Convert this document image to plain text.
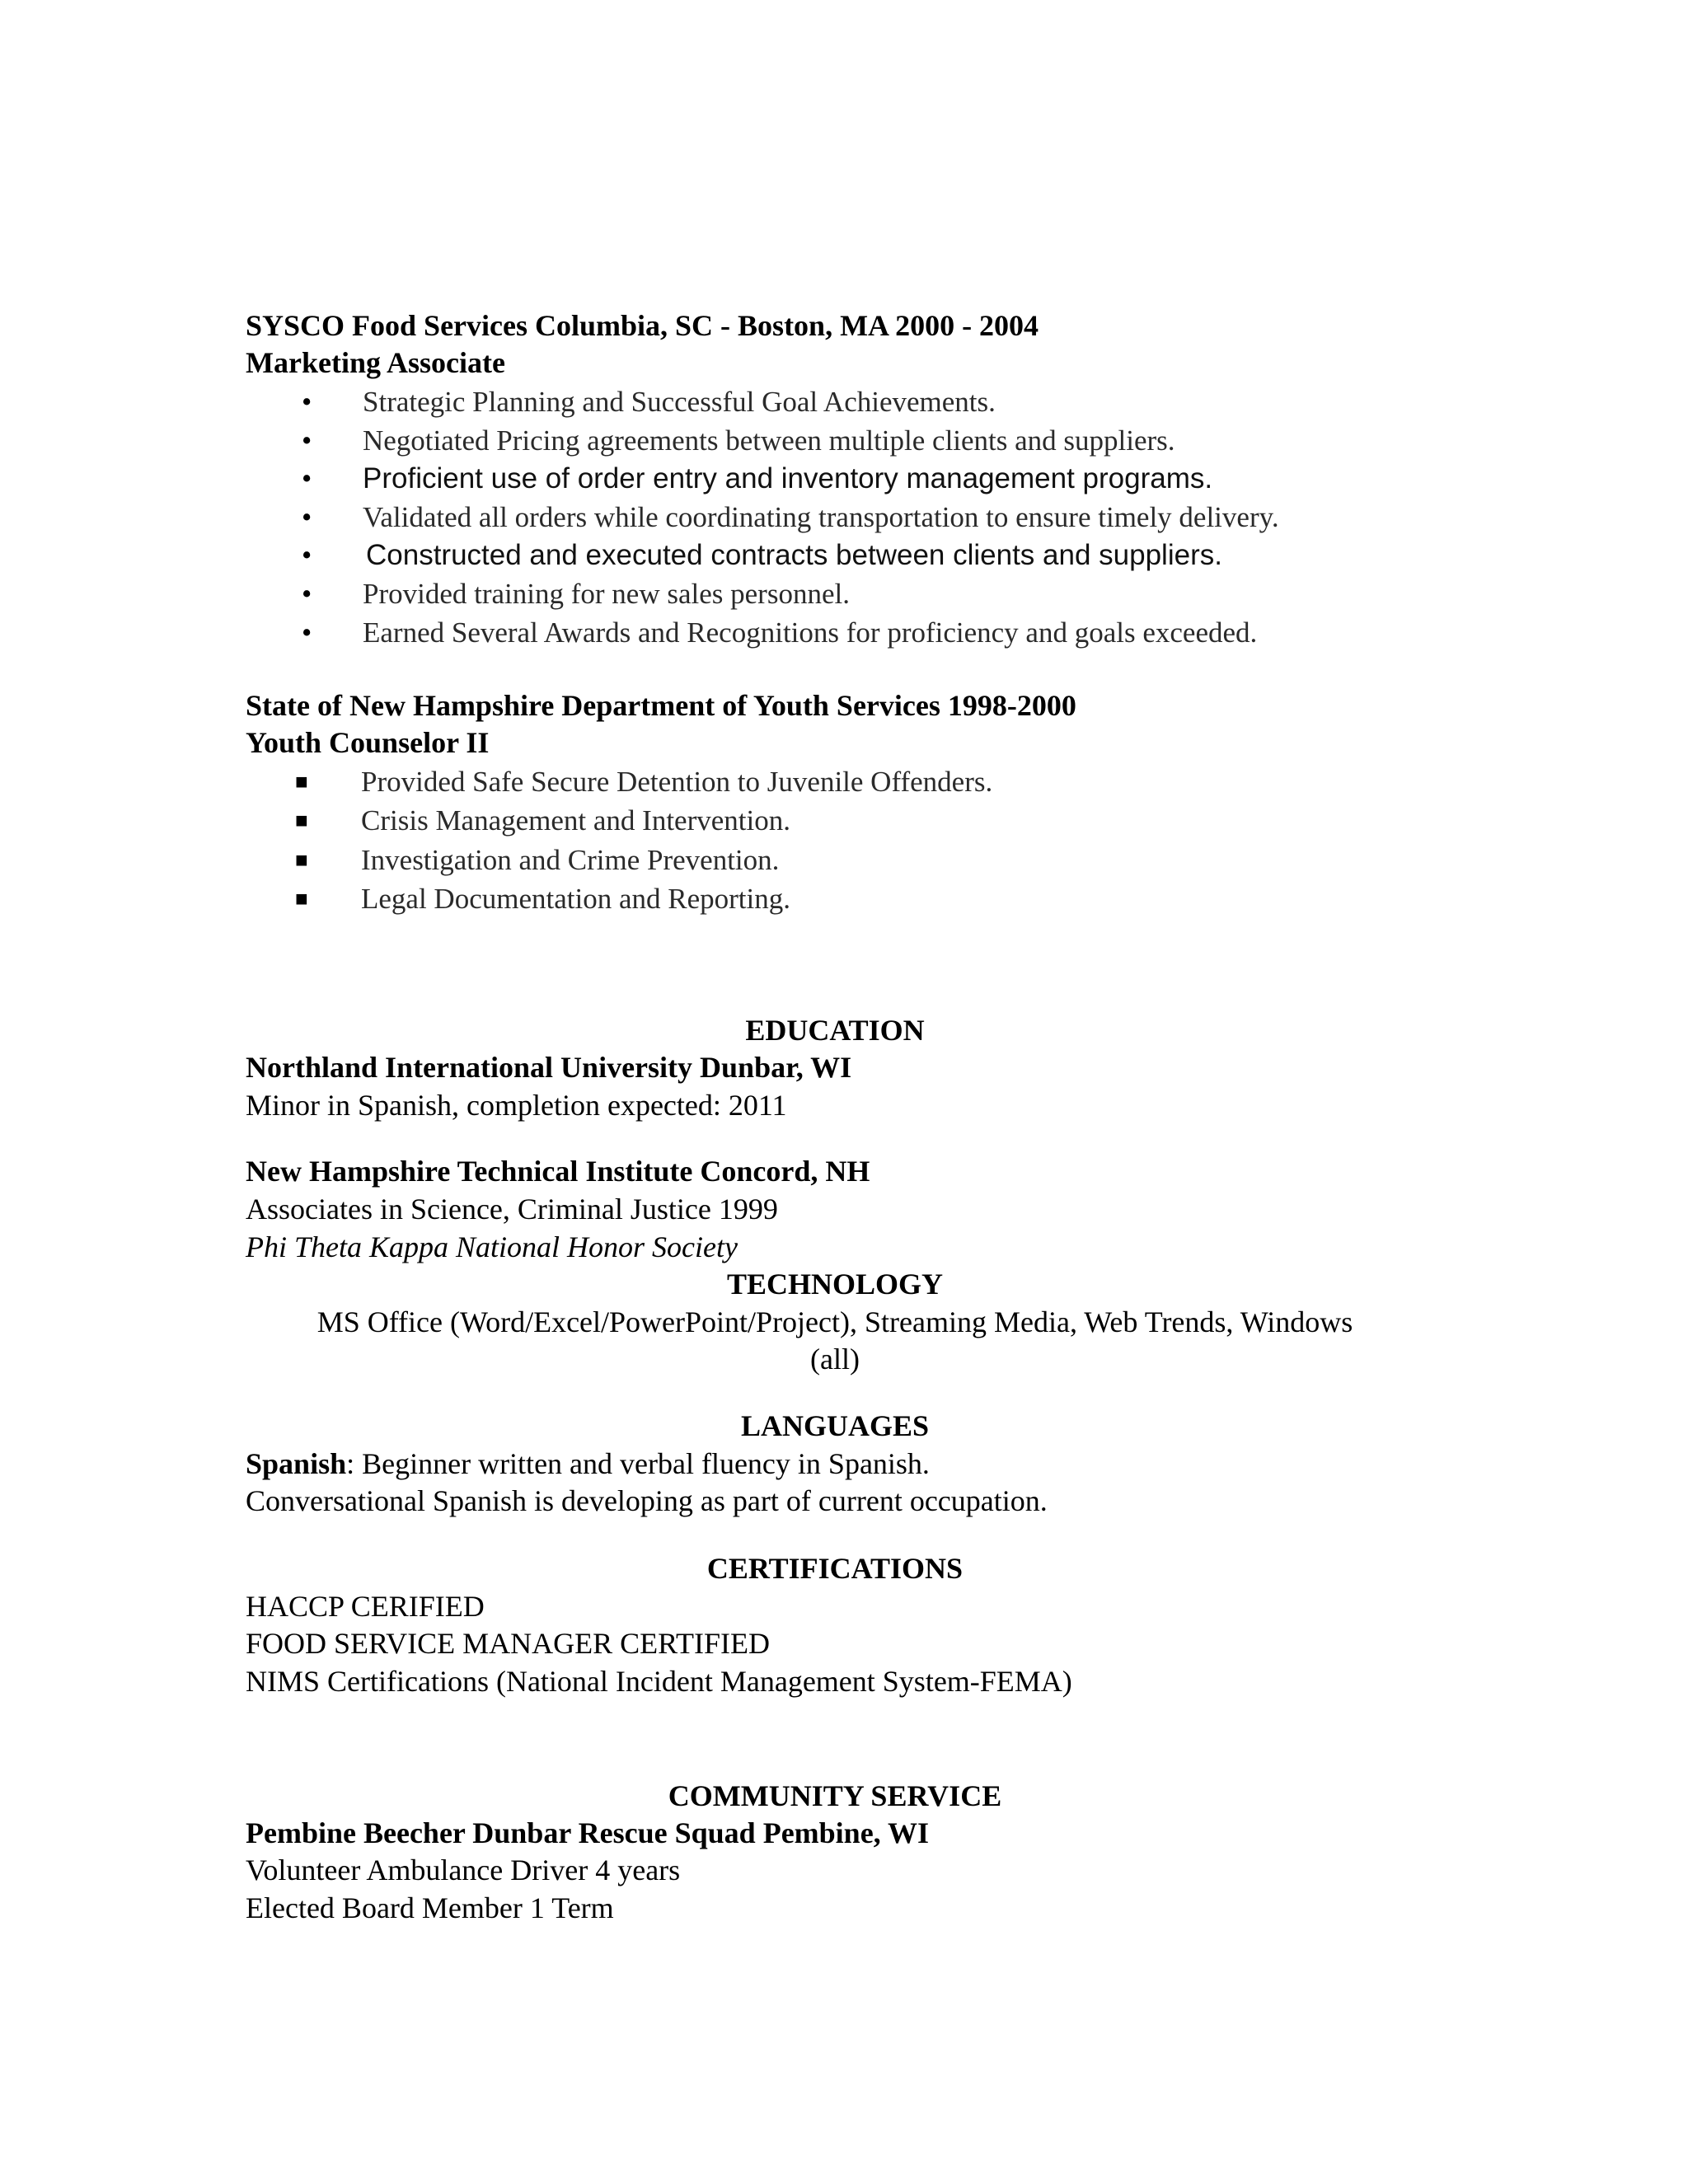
SYSCO Food Services Columbia, SC - Boston, MA 2000 - 2004
Marketing Associate
• Strategic Planning and Successful Goal Achievements.
• Negotiated Pricing agreements between multiple clients and suppliers.
• Proficient use of order entry and inventory management programs.
• Validated all orders while coordinating transportation to ensure timely delivery.
• Constructed and executed contracts between clients and suppliers.
• Provided training for new sales personnel.
• Earned Several Awards and Recognitions for proficiency and goals exceeded.
State of New Hampshire Department of Youth Services 1998-2000
Youth Counselor II
■ Provided Safe Secure Detention to Juvenile Offenders.
■ Crisis Management and Intervention.
■ Investigation and Crime Prevention.
■ Legal Documentation and Reporting.
EDUCATION
Northland International University Dunbar, WI
Minor in Spanish, completion expected: 2011
New Hampshire Technical Institute Concord, NH
Associates in Science, Criminal Justice 1999
Phi Theta Kappa National Honor Society
TECHNOLOGY
MS Office (Word/Excel/PowerPoint/Project), Streaming Media, Web Trends, Windows
(all)
LANGUAGES
Spanish: Beginner written and verbal fluency in Spanish.
Conversational Spanish is developing as part of current occupation.
CERTIFICATIONS
HACCP CERIFIED
FOOD SERVICE MANAGER CERTIFIED
NIMS Certifications (National Incident Management System-FEMA)
COMMUNITY SERVICE
Pembine Beecher Dunbar Rescue Squad Pembine, WI
Volunteer Ambulance Driver 4 years
Elected Board Member 1 Term
